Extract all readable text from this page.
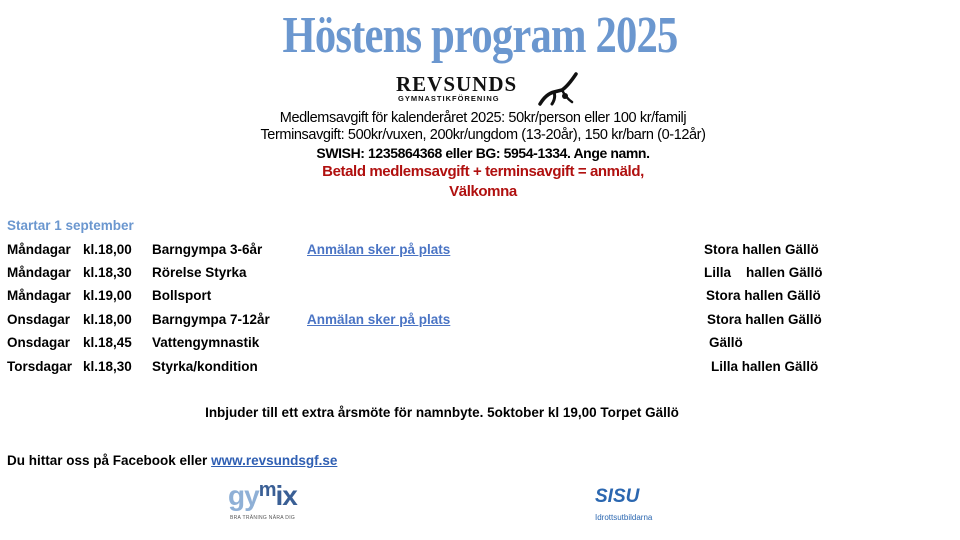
Höstens program 2025
REVSUNDS
GYMNASTIKFÖRENING
Medlemsavgift för kalenderåret 2025: 50kr/person eller 100 kr/familj
Terminsavgift: 500kr/vuxen, 200kr/ungdom (13-20år), 150 kr/barn (0-12år)
SWISH: 1235864368 eller BG: 5954-1334. Ange namn.
Betald medlemsavgift + terminsavgift = anmäld,
Välkomna
Startar 1 september
Måndagar kl.18,00 Barngympa 3-6år	Anmälan sker på plats	Stora hallen Gällö
Måndagar kl.18,30 Rörelse Styrka	Lilla    hallen Gällö
Måndagar kl.19,00 Bollsport	Stora hallen Gällö
Onsdagar kl.18,00 Barngympa 7-12år	Anmälan sker på plats	Stora hallen Gällö
Onsdagar kl.18,45 Vattengymnastik	Gällö
Torsdagar kl.18,30 Styrka/kondition	Lilla hallen Gällö
Inbjuder till ett extra årsmöte för namnbyte. 5oktober kl 19,00 Torpet Gällö
Du hittar oss på Facebook eller www.revsundsgf.se
$gy^mix$
BRA TRÄNING NÄRA DIG
SISU
Idrottsutbildarna
